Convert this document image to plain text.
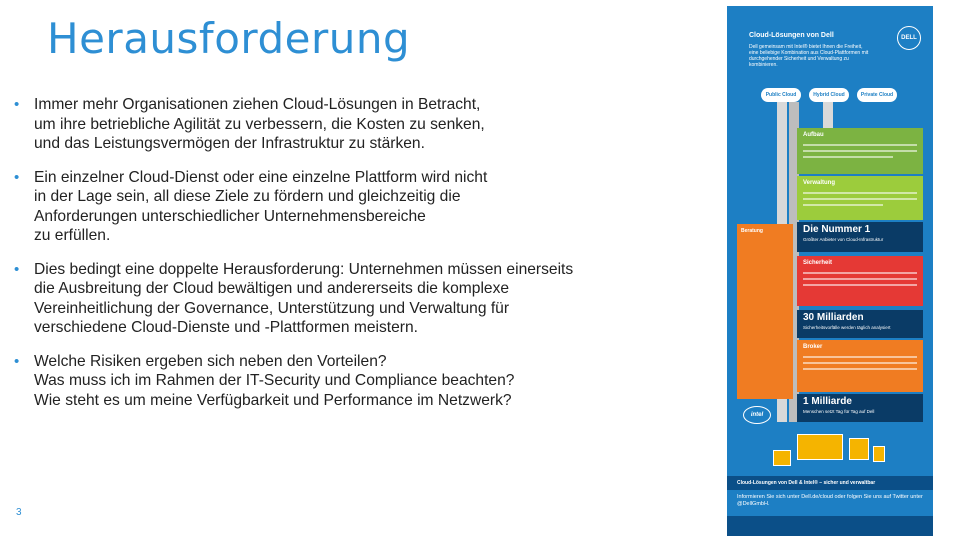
Herausforderung
• Immer mehr Organisationen ziehen Cloud-Lösungen in Betracht,
um ihre betriebliche Agilität zu verbessern, die Kosten zu senken,
und das Leistungsvermögen der Infrastruktur zu stärken.
• Ein einzelner Cloud-Dienst oder eine einzelne Plattform wird nicht
in der Lage sein, all diese Ziele zu fördern und gleichzeitig die
Anforderungen unterschiedlicher Unternehmensbereiche
zu erfüllen.
• Dies bedingt eine doppelte Herausforderung: Unternehmen müssen einerseits
die Ausbreitung der Cloud bewältigen und andererseits die komplexe
Vereinheitlichung der Governance, Unterstützung und Verwaltung für
verschiedene Cloud-Dienste und -Plattformen meistern.
• Welche Risiken ergeben sich neben den Vorteilen?
Was muss ich im Rahmen der IT-Security und Compliance beachten?
Wie steht es um meine Verfügbarkeit und Performance im Netzwerk?
3
Cloud-Lösungen von Dell	DELL
Dell gemeinsam mit Intel® bietet Ihnen die Freiheit, eine beliebige Kombination aus Cloud-Plattformen mit durchgehender Sicherheit und Verwaltung zu kombinieren.
Public Cloud	Hybrid Cloud	Private Cloud
Aufbau
Verwaltung
Beratung	Die Nummer 1
Größter Anbieter von Cloud-Infrastruktur
Sicherheit
30 Milliarden
Sicherheitsvorfälle werden täglich analysiert
Broker
1 Milliarde
Menschen setzt Tag für Tag auf Dell
intel
Cloud-Lösungen von Dell & Intel® – sicher und verwaltbar
Informieren Sie sich unter Dell.de/cloud oder folgen Sie uns auf Twitter unter @DellGmbH.
